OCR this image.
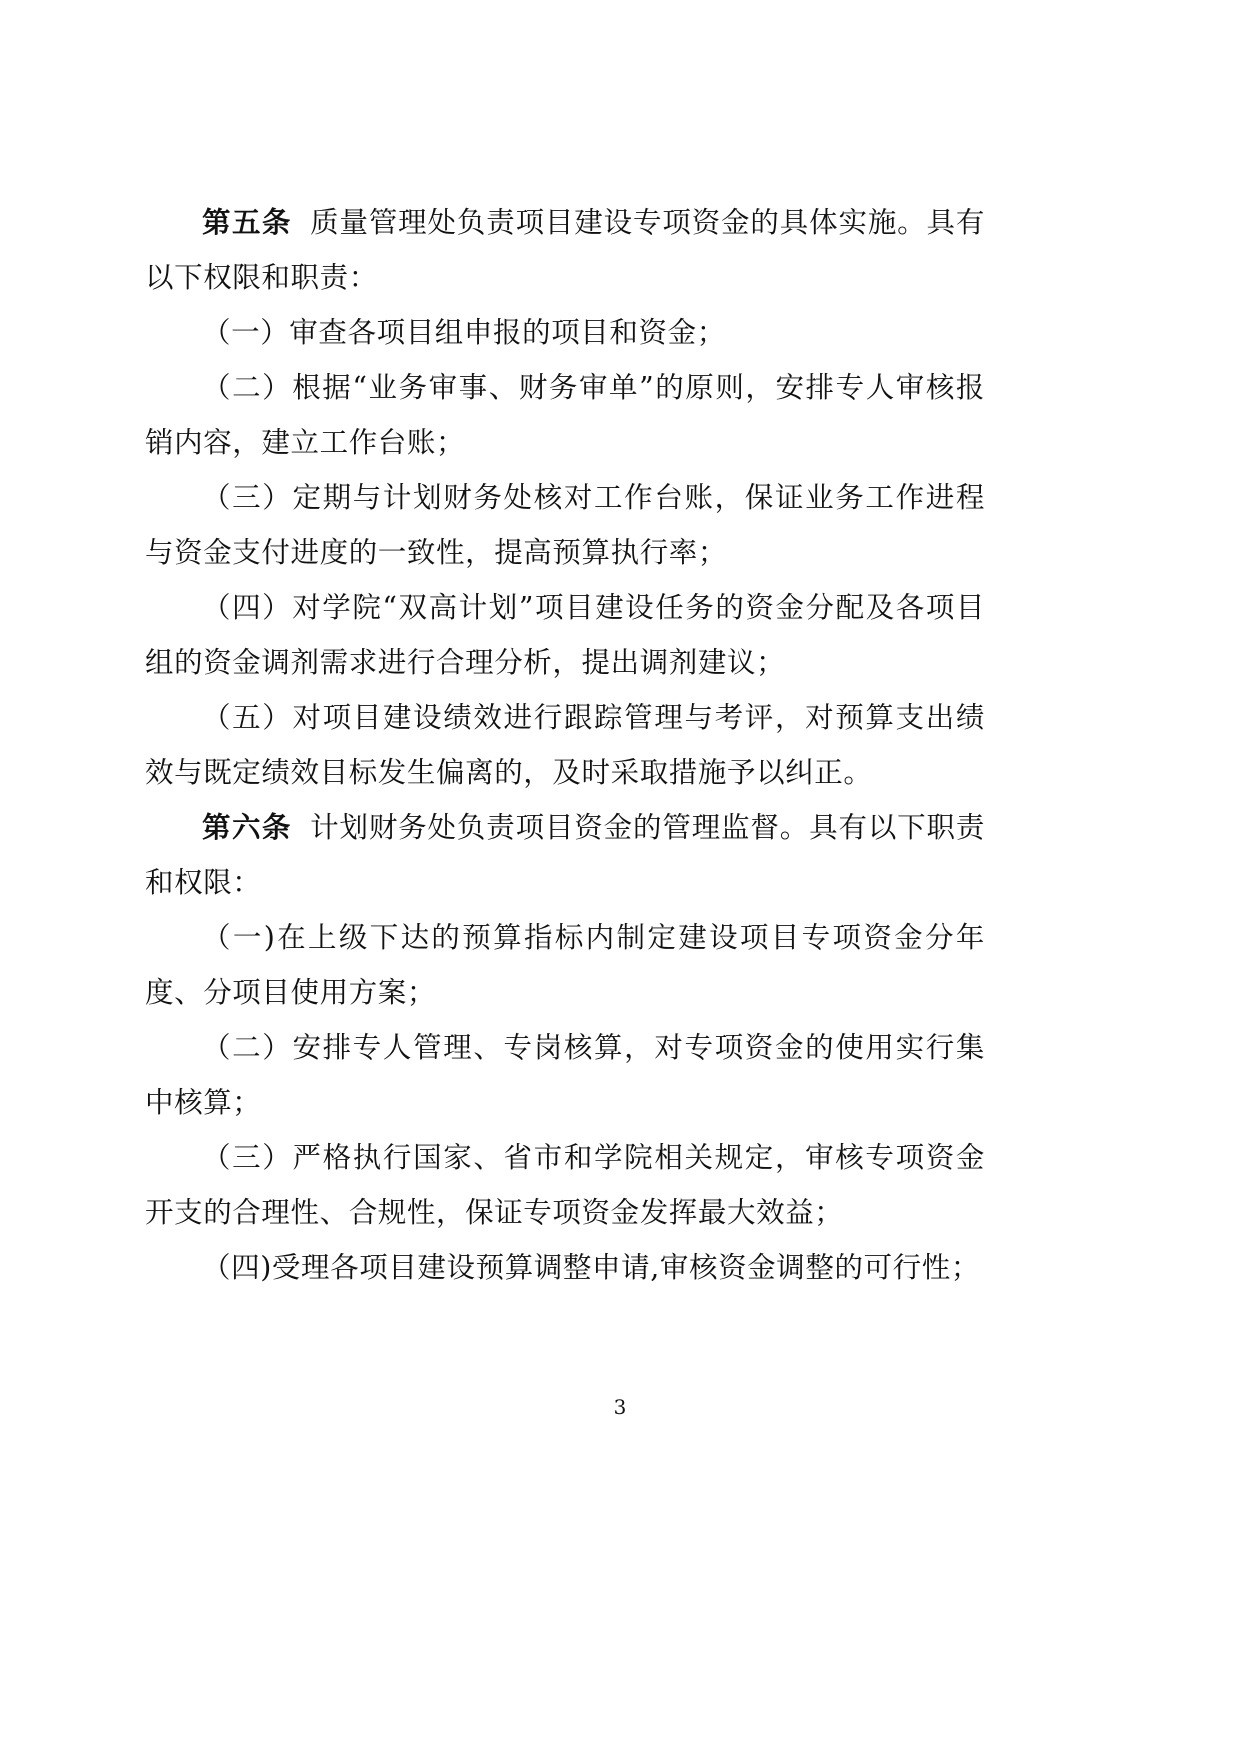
第五条 质量管理处负责项目建设专项资金的具体实施。具有以下权限和职责：

（一）审查各项目组申报的项目和资金；

（二）根据“业务审事、财务审单”的原则，安排专人审核报销内容，建立工作台账；

（三）定期与计划财务处核对工作台账，保证业务工作进程与资金支付进度的一致性，提高预算执行率；

（四）对学院“双高计划”项目建设任务的资金分配及各项目组的资金调剂需求进行合理分析，提出调剂建议；

（五）对项目建设绩效进行跟踪管理与考评，对预算支出绩效与既定绩效目标发生偏离的，及时采取措施予以纠正。

第六条 计划财务处负责项目资金的管理监督。具有以下职责和权限：

（一)在上级下达的预算指标内制定建设项目专项资金分年度、分项目使用方案；

（二）安排专人管理、专岗核算，对专项资金的使用实行集中核算；

（三）严格执行国家、省市和学院相关规定，审核专项资金开支的合理性、合规性，保证专项资金发挥最大效益；

（四)受理各项目建设预算调整申请,审核资金调整的可行性；

3
